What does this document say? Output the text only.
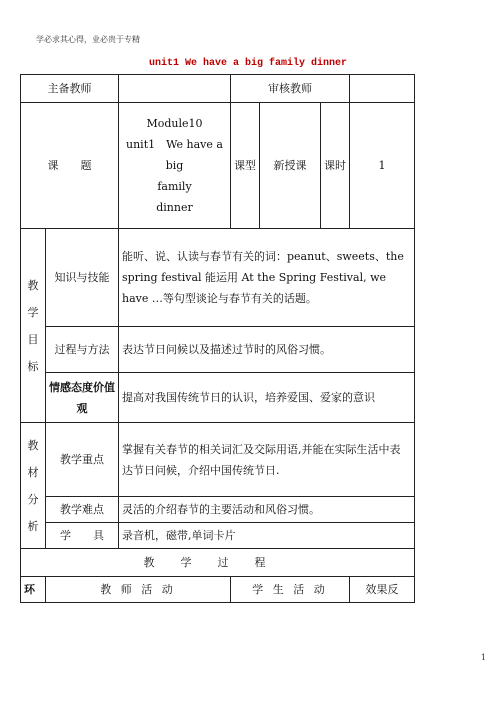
学必求其心得，业必贵于专精
unit1 We have a big family dinner
主备教师			审核教师			
课　　题		Module10
unit1　We have a
big
family
dinner	课型	新授课	课时	1
教学目标	知识与技能	能听、说、认读与春节有关的词：peanut、sweets、the spring festival 能运用 At the Spring Festival, we have …等句型谈论与春节有关的话题。				
	过程与方法	表达节日问候以及描述过节时的风俗习惯。				
	情感态度价值观	提高对我国传统节日的认识，培养爱国、爱家的意识				
教材分析	教学重点	掌握有关春节的相关词汇及交际用语,并能在实际生活中表达节日问候，介绍中国传统节日.				
	教学难点	灵活的介绍春节的主要活动和风俗习惯。				
	学　　具	录音机，磁带,单词卡片				
教学过程						
环	教 师 活 动		学 生 活 动			效果反
1
